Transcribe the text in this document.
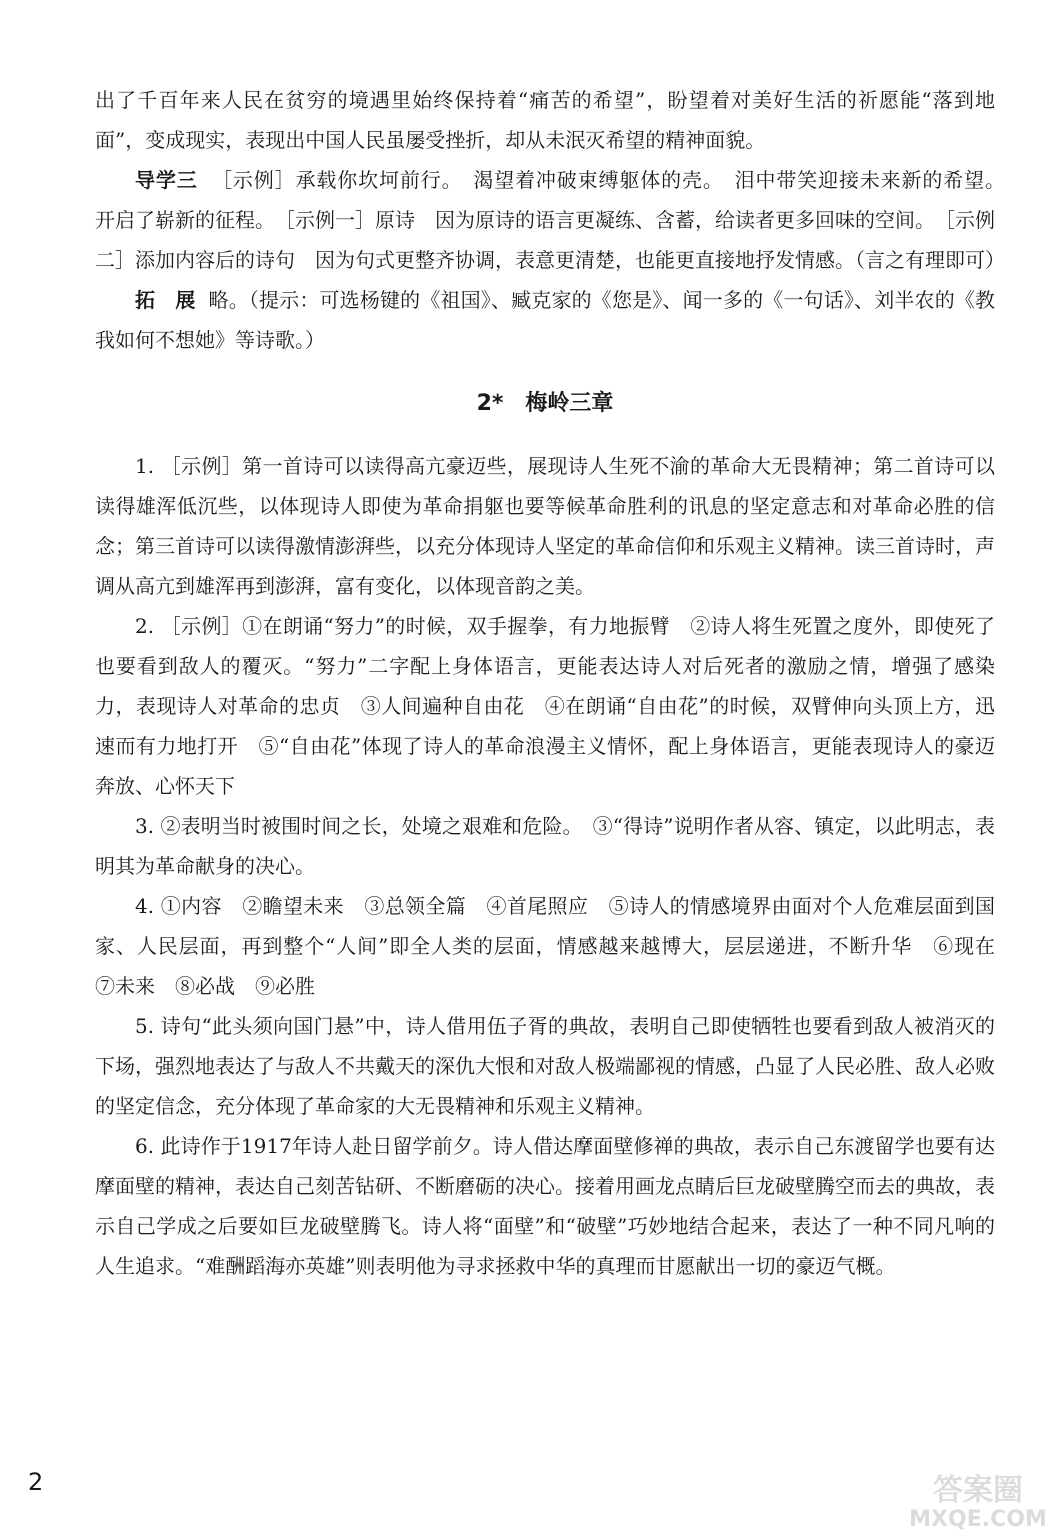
出了千百年来人民在贫穷的境遇里始终保持着“痛苦的希望”，盼望着对美好生活的祈愿能“落到地面”，变成现实，表现出中国人民虽屡受挫折，却从未泯灭希望的精神面貌。

导学三 ［示例］承载你坎坷前行。　渴望着冲破束缚躯体的壳。　泪中带笑迎接未来新的希望。　开启了崭新的征程。　［示例一］原诗　因为原诗的语言更凝练、含蓄，给读者更多回味的空间。　［示例二］添加内容后的诗句　因为句式更整齐协调，表意更清楚，也能更直接地抒发情感。（言之有理即可）

拓　展 略。（提示：可选杨键的《祖国》、臧克家的《您是》、闻一多的《一句话》、刘半农的《教我如何不想她》等诗歌。）

2*　梅岭三章

1. ［示例］第一首诗可以读得高亢豪迈些，展现诗人生死不渝的革命大无畏精神；第二首诗可以读得雄浑低沉些，以体现诗人即使为革命捐躯也要等候革命胜利的讯息的坚定意志和对革命必胜的信念；第三首诗可以读得激情澎湃些，以充分体现诗人坚定的革命信仰和乐观主义精神。读三首诗时，声调从高亢到雄浑再到澎湃，富有变化，以体现音韵之美。

2. ［示例］①在朗诵“努力”的时候，双手握拳，有力地振臂　②诗人将生死置之度外，即使死了也要看到敌人的覆灭。“努力”二字配上身体语言，更能表达诗人对后死者的激励之情，增强了感染力，表现诗人对革命的忠贞　③人间遍种自由花　④在朗诵“自由花”的时候，双臂伸向头顶上方，迅速而有力地打开　⑤“自由花”体现了诗人的革命浪漫主义情怀，配上身体语言，更能表现诗人的豪迈奔放、心怀天下

3. ②表明当时被围时间之长，处境之艰难和危险。　③“得诗”说明作者从容、镇定，以此明志，表明其为革命献身的决心。

4. ①内容　②瞻望未来　③总领全篇　④首尾照应　⑤诗人的情感境界由面对个人危难层面到国家、人民层面，再到整个“人间”即全人类的层面，情感越来越博大，层层递进，不断升华　⑥现在　⑦未来　⑧必战　⑨必胜

5. 诗句“此头须向国门悬”中，诗人借用伍子胥的典故，表明自己即使牺牲也要看到敌人被消灭的下场，强烈地表达了与敌人不共戴天的深仇大恨和对敌人极端鄙视的情感，凸显了人民必胜、敌人必败的坚定信念，充分体现了革命家的大无畏精神和乐观主义精神。

6. 此诗作于1917年诗人赴日留学前夕。诗人借达摩面壁修禅的典故，表示自己东渡留学也要有达摩面壁的精神，表达自己刻苦钻研、不断磨砺的决心。接着用画龙点睛后巨龙破壁腾空而去的典故，表示自己学成之后要如巨龙破壁腾飞。诗人将“面壁”和“破壁”巧妙地结合起来，表达了一种不同凡响的人生追求。“难酬蹈海亦英雄”则表明他为寻求拯救中华的真理而甘愿献出一切的豪迈气概。

2	答案圈
MXQE.COM
